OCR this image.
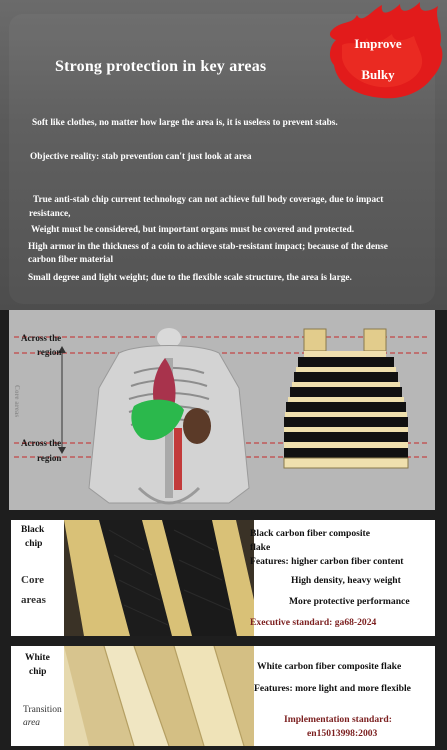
Improve
Bulky
Strong protection in key areas
Soft like clothes, no matter how large the area is, it is useless to prevent stabs.
Objective reality: stab prevention can't just look at area
True anti-stab chip current technology can not achieve full body coverage, due to impact
resistance,
Weight must be considered, but important organs must be covered and protected.
High armor in the thickness of a coin to achieve stab-resistant impact; because of the dense
carbon fiber material
Small degree and light weight; due to the flexible scale structure, the area is large.
Across the
region
Across the
region
Core areas
Black
chip
Core
areas
Black carbon fiber composite
flake
Features: higher carbon fiber content
High density, heavy weight
More protective performance
Executive standard: ga68-2024
White
chip
Transition
area
White carbon fiber composite flake
Features: more light and more flexible
Implementation standard:
en15013998:2003
